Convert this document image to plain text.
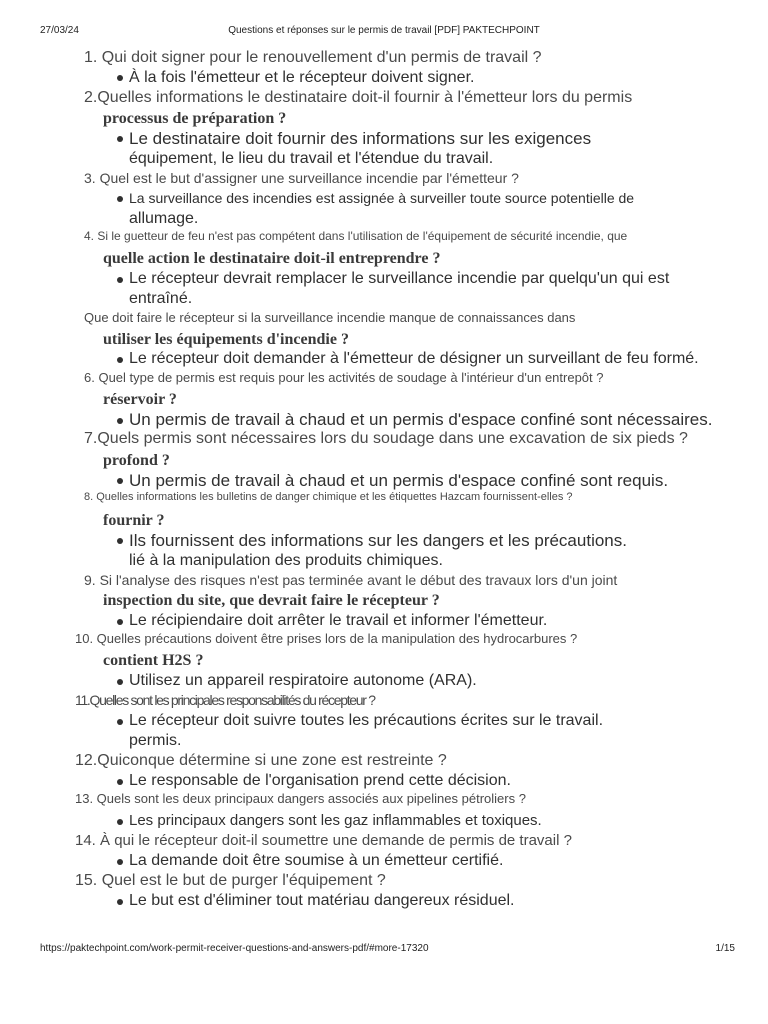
27/03/24	Questions et réponses sur le permis de travail [PDF] PAKTECHPOINT
1. Qui doit signer pour le renouvellement d'un permis de travail ?
À la fois l'émetteur et le récepteur doivent signer.
2.Quelles informations le destinataire doit-il fournir à l'émetteur lors du permis
processus de préparation ?
Le destinataire doit fournir des informations sur les exigences
équipement, le lieu du travail et l'étendue du travail.
3. Quel est le but d'assigner une surveillance incendie par l'émetteur ?
La surveillance des incendies est assignée à surveiller toute source potentielle de
allumage.
4. Si le guetteur de feu n'est pas compétent dans l'utilisation de l'équipement de sécurité incendie, que
quelle action le destinataire doit-il entreprendre ?
Le récepteur devrait remplacer le surveillance incendie par quelqu'un qui est
entraîné.
Que doit faire le récepteur si la surveillance incendie manque de connaissances dans
utiliser les équipements d'incendie ?
Le récepteur doit demander à l'émetteur de désigner un surveillant de feu formé.
6. Quel type de permis est requis pour les activités de soudage à l'intérieur d'un entrepôt ?
réservoir ?
Un permis de travail à chaud et un permis d'espace confiné sont nécessaires.
7.Quels permis sont nécessaires lors du soudage dans une excavation de six pieds ?
profond ?
Un permis de travail à chaud et un permis d'espace confiné sont requis.
8. Quelles informations les bulletins de danger chimique et les étiquettes Hazcam fournissent-elles ?
fournir ?
Ils fournissent des informations sur les dangers et les précautions.
lié à la manipulation des produits chimiques.
9. Si l'analyse des risques n'est pas terminée avant le début des travaux lors d'un joint
inspection du site, que devrait faire le récepteur ?
Le récipiendaire doit arrêter le travail et informer l'émetteur.
10. Quelles précautions doivent être prises lors de la manipulation des hydrocarbures ?
contient H2S ?
Utilisez un appareil respiratoire autonome (ARA).
11.Quelles sont les principales responsabilités du récepteur ?
Le récepteur doit suivre toutes les précautions écrites sur le travail.
permis.
12.Quiconque détermine si une zone est restreinte ?
Le responsable de l'organisation prend cette décision.
13. Quels sont les deux principaux dangers associés aux pipelines pétroliers ?
Les principaux dangers sont les gaz inflammables et toxiques.
14. À qui le récepteur doit-il soumettre une demande de permis de travail ?
La demande doit être soumise à un émetteur certifié.
15. Quel est le but de purger l'équipement ?
Le but est d'éliminer tout matériau dangereux résiduel.
https://paktechpoint.com/work-permit-receiver-questions-and-answers-pdf/#more-17320	1/15
